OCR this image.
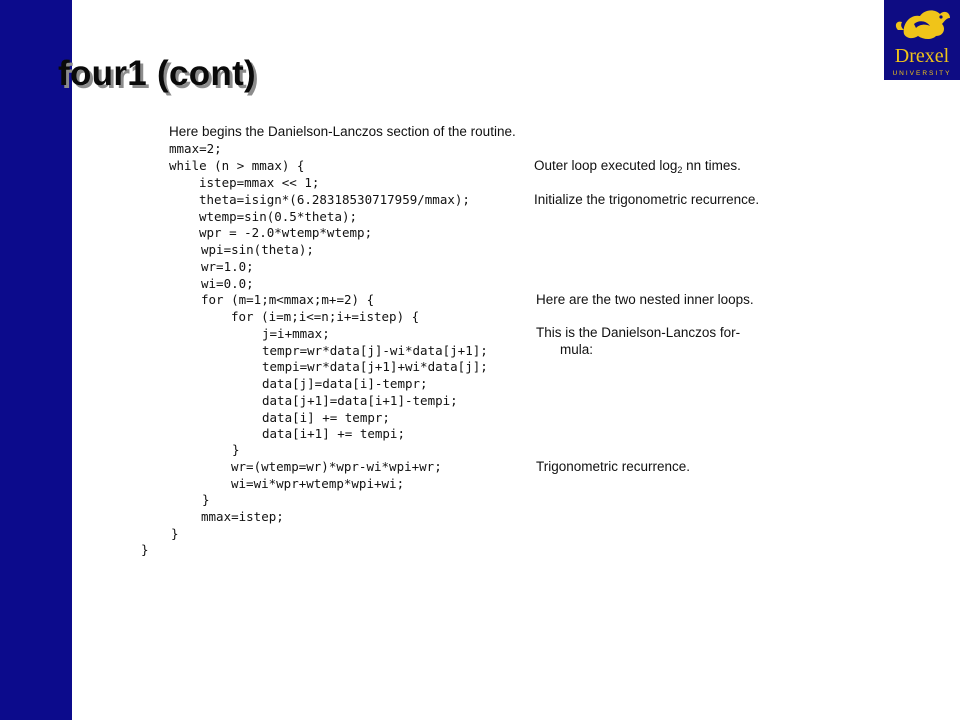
four1 (cont)	Drexel
UNIVERSITY
Here begins the Danielson-Lanczos section of the routine.
mmax=2;
while (n > mmax) {
istep=mmax << 1;
theta=isign*(6.28318530717959/mmax);
wtemp=sin(0.5*theta);
wpr = -2.0*wtemp*wtemp;
wpi=sin(theta);
wr=1.0;
wi=0.0;
for (m=1;m<mmax;m+=2) {
for (i=m;i<=n;i+=istep) {
j=i+mmax;
tempr=wr*data[j]-wi*data[j+1];
tempi=wr*data[j+1]+wi*data[j];
data[j]=data[i]-tempr;
data[j+1]=data[i+1]-tempi;
data[i] += tempr;
data[i+1] += tempi;
}
wr=(wtemp=wr)*wpr-wi*wpi+wr;
wi=wi*wpr+wtemp*wpi+wi;
}
mmax=istep;
}
}
Outer loop executed $\log_2$ nn times.
Initialize the trigonometric recurrence.
Here are the two nested inner loops.
This is the Danielson-Lanczos for-
mula:
Trigonometric recurrence.
